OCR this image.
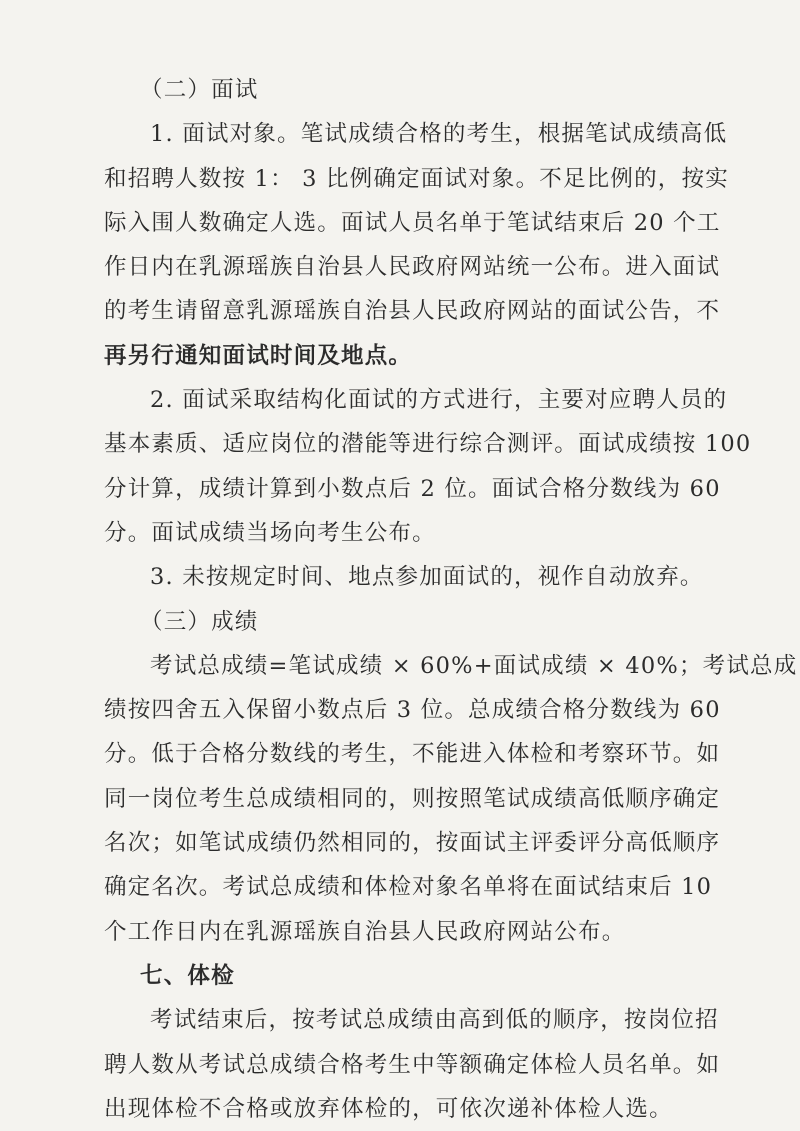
（二）面试
1. 面试对象。笔试成绩合格的考生，根据笔试成绩高低
和招聘人数按 1： 3 比例确定面试对象。不足比例的，按实
际入围人数确定人选。面试人员名单于笔试结束后 20 个工
作日内在乳源瑶族自治县人民政府网站统一公布。进入面试
的考生请留意乳源瑶族自治县人民政府网站的面试公告，不
再另行通知面试时间及地点。
2. 面试采取结构化面试的方式进行，主要对应聘人员的
基本素质、适应岗位的潜能等进行综合测评。面试成绩按 100
分计算，成绩计算到小数点后 2 位。面试合格分数线为 60
分。面试成绩当场向考生公布。
3. 未按规定时间、地点参加面试的，视作自动放弃。
（三）成绩
考试总成绩=笔试成绩 × 60%+面试成绩 × 40%；考试总成
绩按四舍五入保留小数点后 3 位。总成绩合格分数线为 60
分。低于合格分数线的考生，不能进入体检和考察环节。如
同一岗位考生总成绩相同的，则按照笔试成绩高低顺序确定
名次；如笔试成绩仍然相同的，按面试主评委评分高低顺序
确定名次。考试总成绩和体检对象名单将在面试结束后 10
个工作日内在乳源瑶族自治县人民政府网站公布。
七、体检
考试结束后，按考试总成绩由高到低的顺序，按岗位招
聘人数从考试总成绩合格考生中等额确定体检人员名单。如
出现体检不合格或放弃体检的，可依次递补体检人选。
